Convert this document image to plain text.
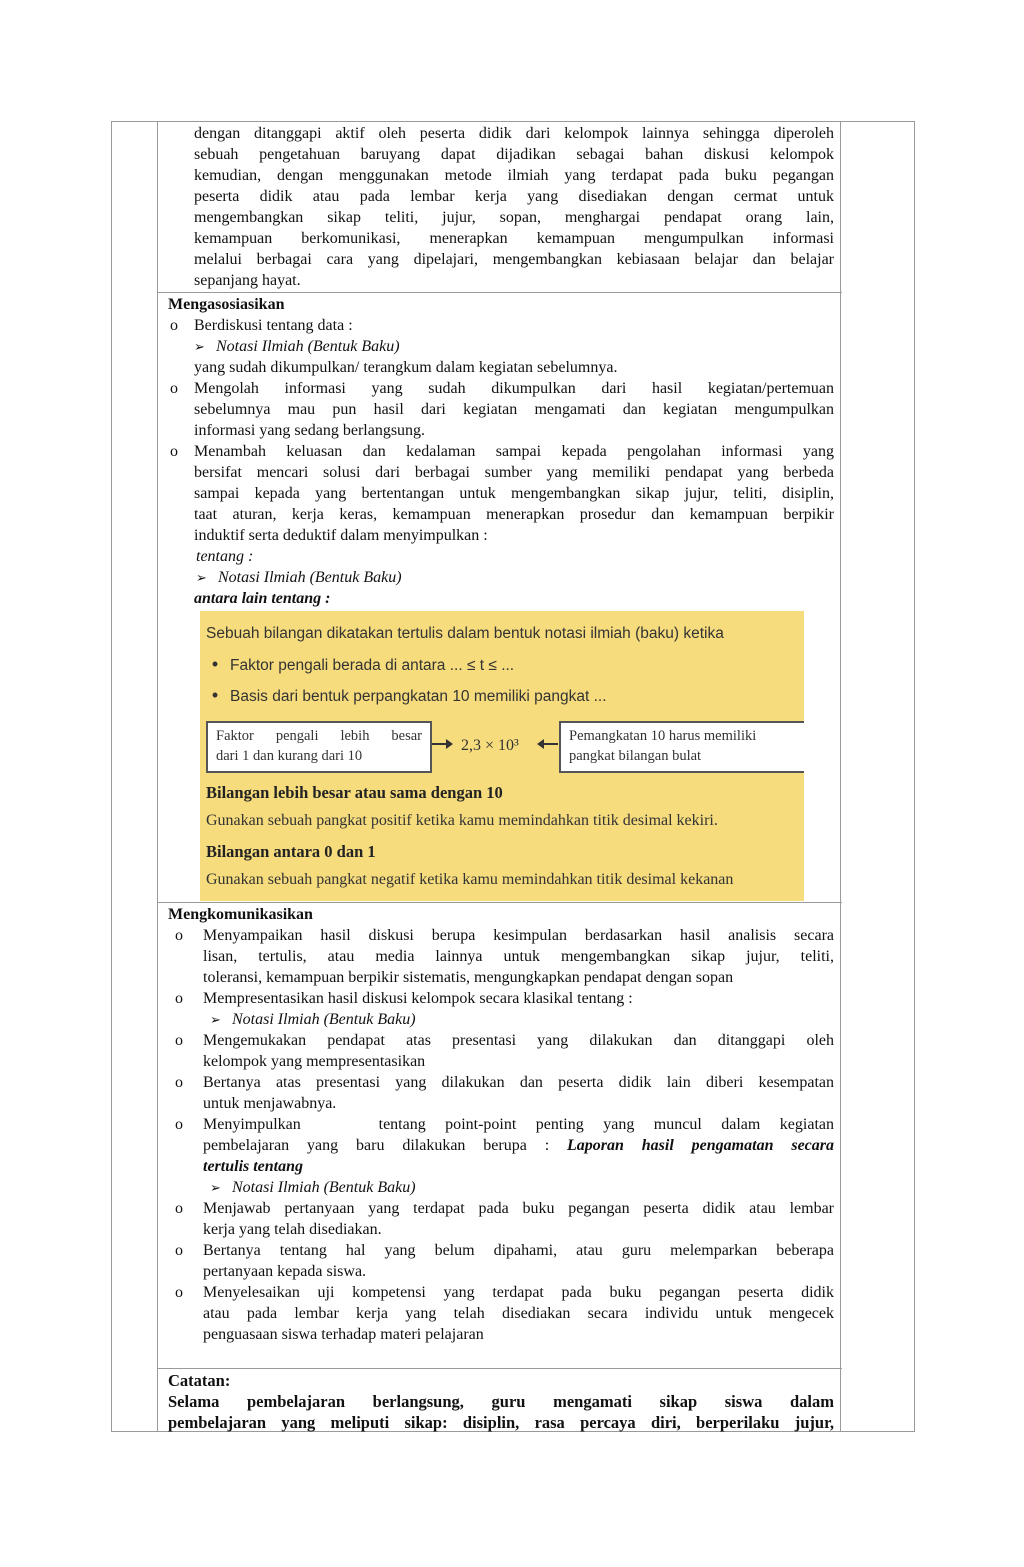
dengan ditanggapi aktif oleh peserta didik dari kelompok lainnya sehingga diperoleh
sebuah pengetahuan baruyang dapat dijadikan sebagai bahan diskusi kelompok
kemudian, dengan menggunakan metode ilmiah yang terdapat pada buku pegangan
peserta didik atau pada lembar kerja yang disediakan dengan cermat untuk
mengembangkan sikap teliti, jujur, sopan, menghargai pendapat orang lain,
kemampuan berkomunikasi, menerapkan kemampuan mengumpulkan informasi
melalui berbagai cara yang dipelajari, mengembangkan kebiasaan belajar dan belajar
sepanjang hayat.
Mengasosiasikan
o	Berdiskusi tentang data :
➢ Notasi Ilmiah (Bentuk Baku)
yang sudah dikumpulkan/ terangkum dalam kegiatan sebelumnya.
o	Mengolah informasi yang sudah dikumpulkan dari hasil kegiatan/pertemuan
sebelumnya mau pun hasil dari kegiatan mengamati dan kegiatan mengumpulkan
informasi yang sedang berlangsung.
o	Menambah keluasan dan kedalaman sampai kepada pengolahan informasi yang
bersifat mencari solusi dari berbagai sumber yang memiliki pendapat yang berbeda
sampai kepada yang bertentangan untuk mengembangkan sikap jujur, teliti, disiplin,
taat aturan, kerja keras, kemampuan menerapkan prosedur dan kemampuan berpikir
induktif serta deduktif dalam menyimpulkan :
tentang :
➢ Notasi Ilmiah (Bentuk Baku)
antara lain tentang :
Sebuah bilangan dikatakan tertulis dalam bentuk notasi ilmiah (baku) ketika
• Faktor pengali berada di antara ... ≤ t ≤ ...
• Basis dari bentuk perpangkatan 10 memiliki pangkat ...
Faktor pengali lebih besar
dari 1 dan kurang dari 10
2,3 × 10³
Pemangkatan 10 harus memiliki
pangkat bilangan bulat
Bilangan lebih besar atau sama dengan 10
Gunakan sebuah pangkat positif ketika kamu memindahkan titik desimal kekiri.
Bilangan antara 0 dan 1
Gunakan sebuah pangkat negatif ketika kamu memindahkan titik desimal kekanan
Mengkomunikasikan
o	Menyampaikan hasil diskusi berupa kesimpulan berdasarkan hasil analisis secara
lisan, tertulis, atau media lainnya untuk mengembangkan sikap jujur, teliti,
toleransi, kemampuan berpikir sistematis, mengungkapkan pendapat dengan sopan
o	Mempresentasikan hasil diskusi kelompok secara klasikal tentang :
➢ Notasi Ilmiah (Bentuk Baku)
o	Mengemukakan pendapat atas presentasi yang dilakukan dan ditanggapi oleh
kelompok yang mempresentasikan
o	Bertanya atas presentasi yang dilakukan dan peserta didik lain diberi kesempatan
untuk menjawabnya.
o	Menyimpulkan    tentang point-point penting yang muncul dalam kegiatan
pembelajaran yang baru dilakukan berupa : Laporan hasil pengamatan secara
tertulis tentang
➢ Notasi Ilmiah (Bentuk Baku)
o	Menjawab pertanyaan yang terdapat pada buku pegangan peserta didik atau lembar
kerja yang telah disediakan.
o	Bertanya tentang hal yang belum dipahami, atau guru melemparkan beberapa
pertanyaan kepada siswa.
o	Menyelesaikan uji kompetensi yang terdapat pada buku pegangan peserta didik
atau pada lembar kerja yang telah disediakan secara individu untuk mengecek
penguasaan siswa terhadap materi pelajaran
Catatan:
Selama pembelajaran berlangsung, guru mengamati sikap siswa dalam
pembelajaran yang meliputi sikap: disiplin, rasa percaya diri, berperilaku jujur,
